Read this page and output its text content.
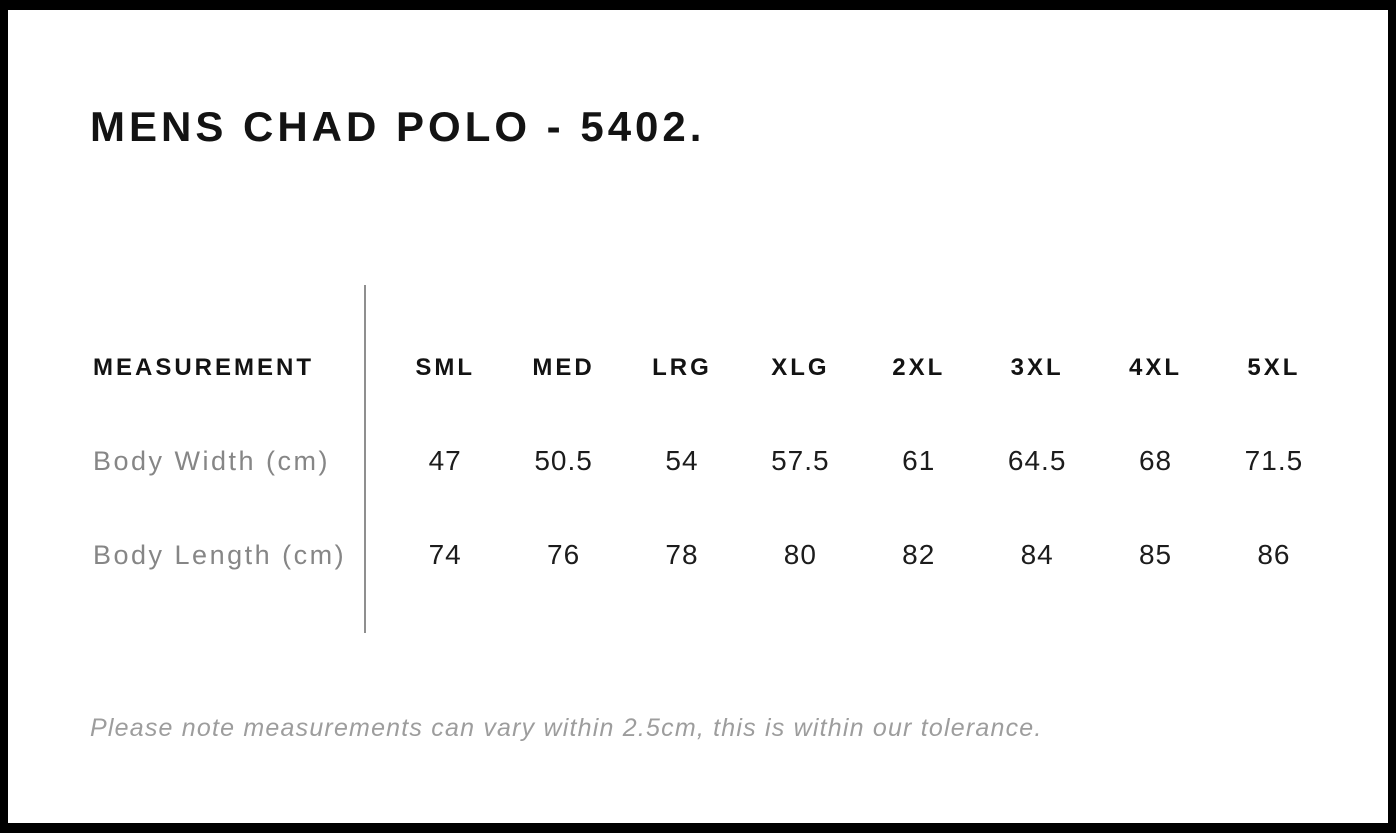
MENS CHAD POLO - 5402.
MEASUREMENT	SML	MED	LRG	XLG	2XL	3XL	4XL	5XL
Body Width (cm)	47	50.5	54	57.5	61	64.5	68	71.5
Body Length (cm)	74	76	78	80	82	84	85	86

Please note measurements can vary within 2.5cm, this is within our tolerance.
